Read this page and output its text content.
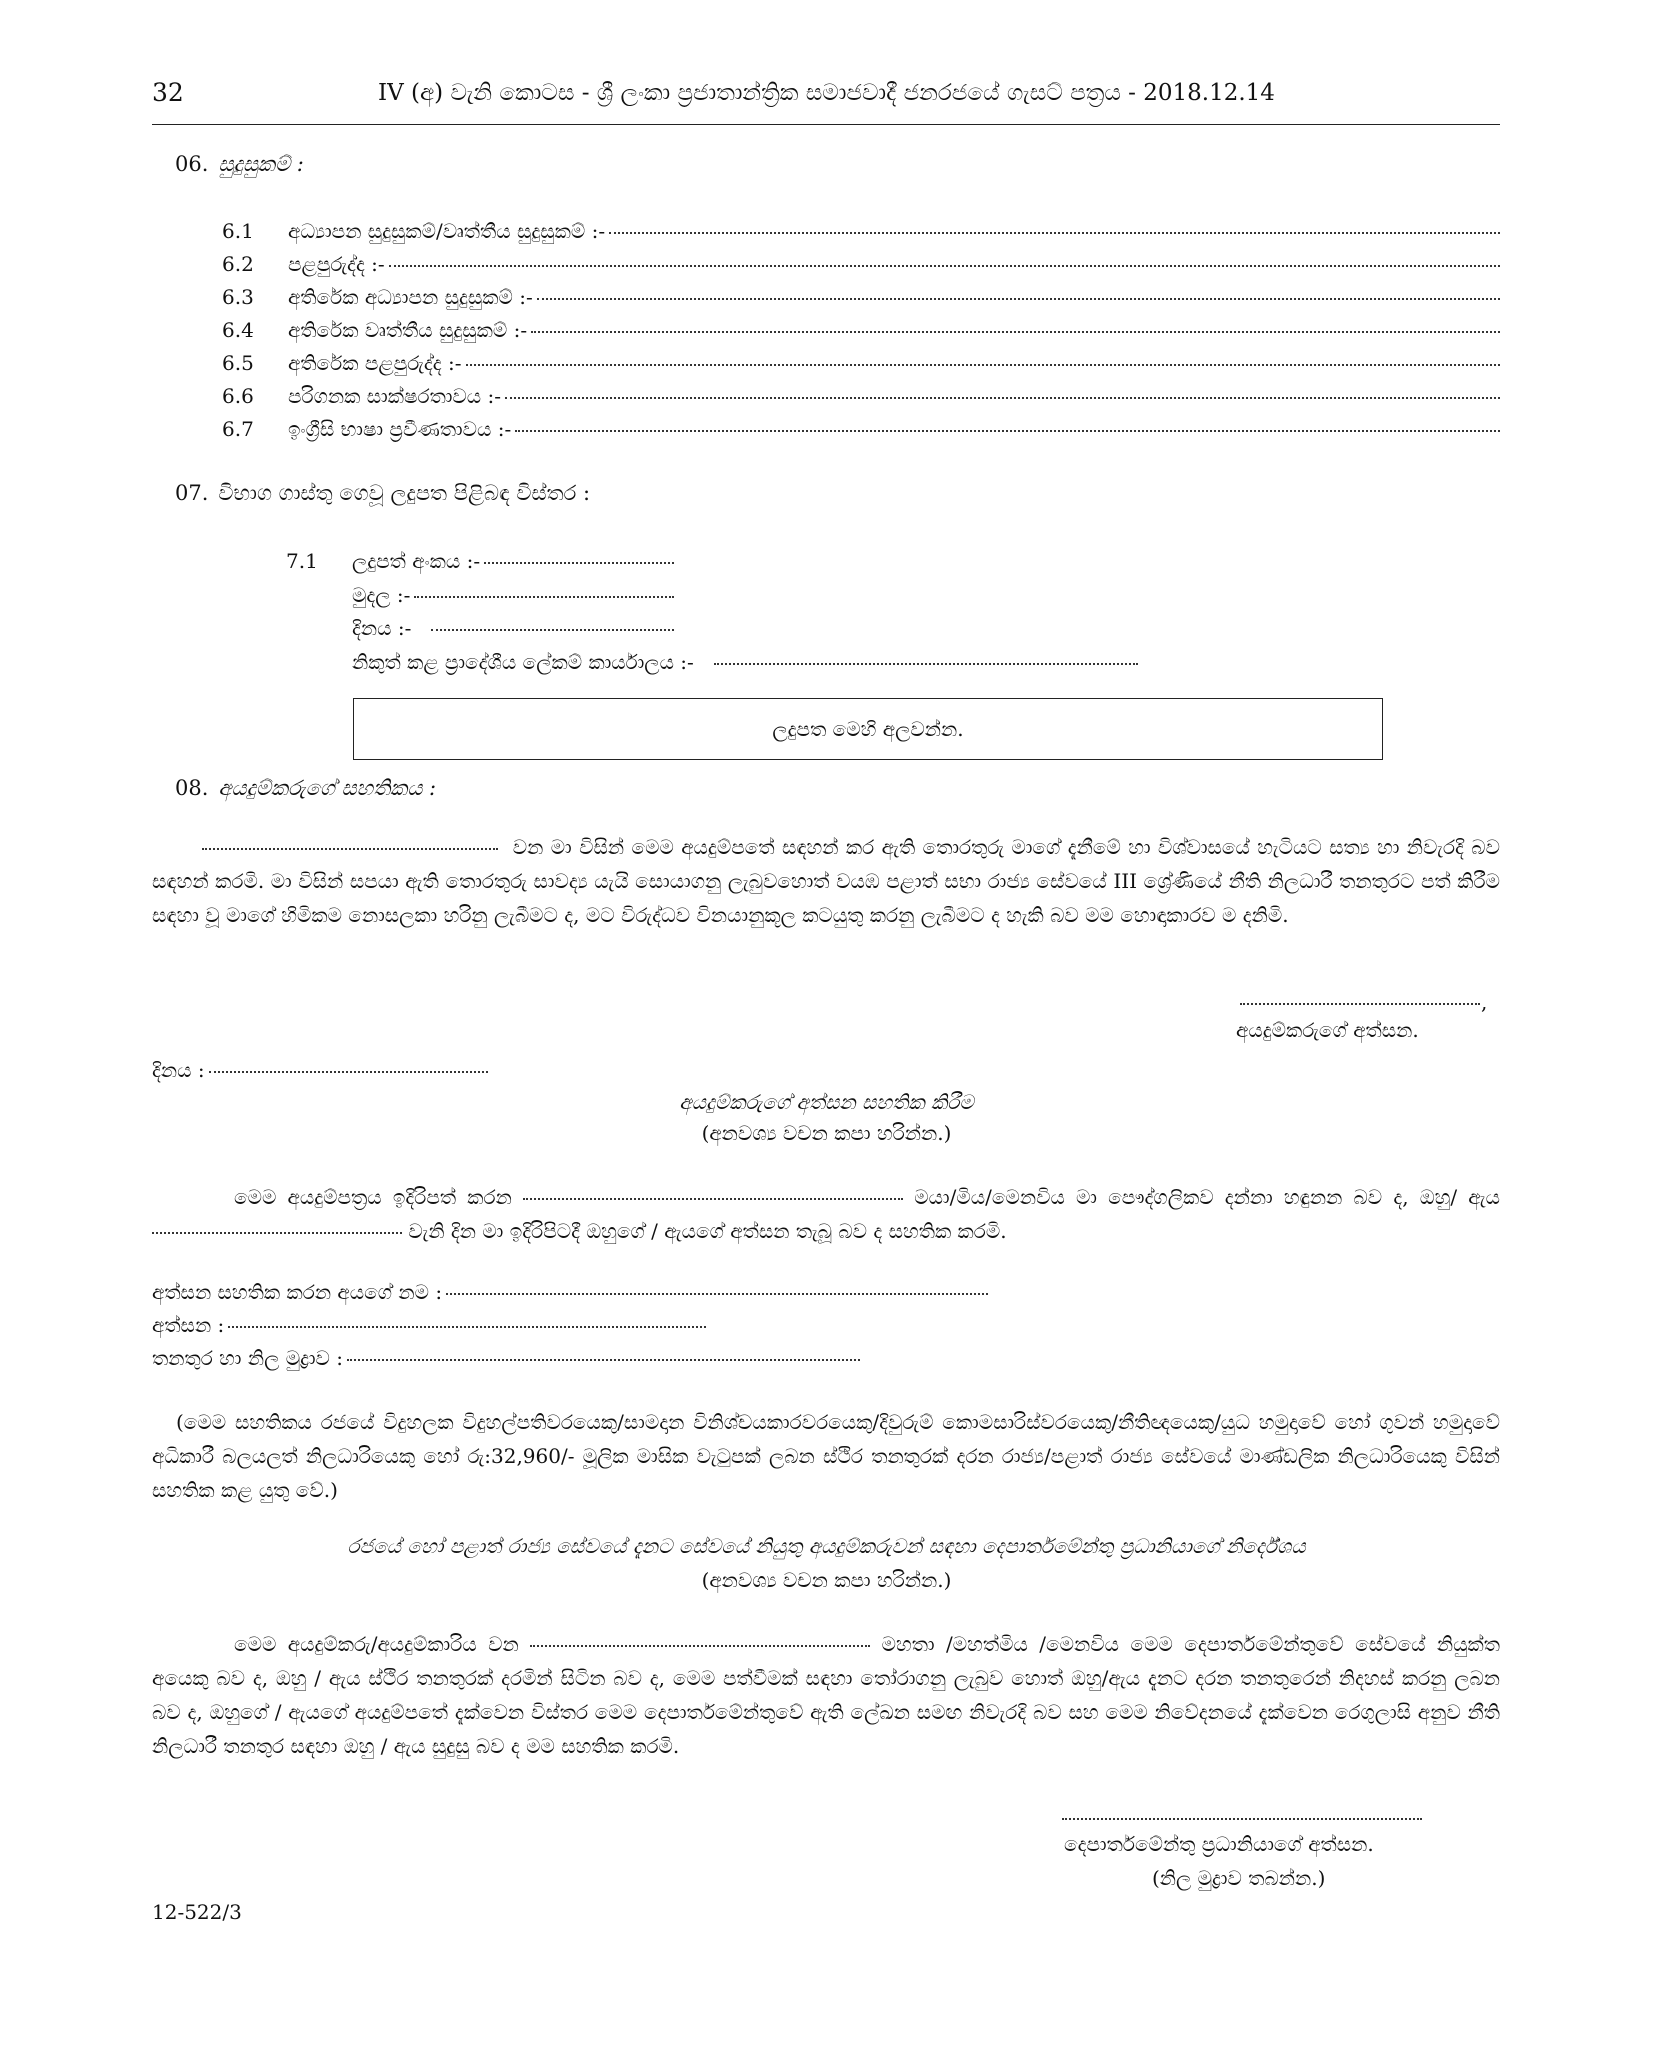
32	IV (අ) වැනි කොටස - ශ්‍රී ලංකා ප්‍රජාතාන්ත්‍රික සමාජවාදී ජනරජයේ ගැසට් පත්‍රය - 2018.12.14
06. සුදුසුකම් :
6.1	අධ්‍යාපන සුදුසුකම්/වෘත්තීය සුදුසුකම් :-
6.2	පළපුරුද්ද :-
6.3	අතිරේක අධ්‍යාපන සුදුසුකම් :-
6.4	අතිරේක වෘත්තීය සුදුසුකම් :-
6.5	අතිරේක පළපුරුද්ද :-
6.6	පරිගනක සාක්ෂරතාවය :-
6.7	ඉංග්‍රීසි භාෂා ප්‍රවීණතාවය :-
07. විභාග ගාස්තු ගෙවූ ලදුපත පිළිබඳ විස්තර :
7.1 ලදුපත් අංකය :-
මුදල :-
දිනය :-
නිකුත් කළ ප්‍රාදේශීය ලේකම් කාර්යාලය :-
ලදුපත මෙහි අලවන්න.
08. අයදුම්කරුගේ සහතිකය :
වන මා විසින් මෙම අයදුම්පතේ සඳහන් කර ඇති තොරතුරු මාගේ දැනීමේ හා විශ්වාසයේ හැටියට සත්‍ය හා නිවැරදි බව සඳහන් කරමි. මා විසින් සපයා ඇති තොරතුරු සාවද්‍ය යැයි සොයාගනු ලැබුවහොත් වයඹ පළාත් සභා රාජ්‍ය සේවයේ III ශ්‍රේණියේ නීති නිලධාරී තනතුරට පත් කිරීම සඳහා වූ මාගේ හිමිකම නොසලකා හරිනු ලැබීමට ද, මට විරුද්ධව විනයානුකූල කටයුතු කරනු ලැබීමට ද හැකි බව මම හොඳාකාරව ම දනිමි.
,
අයදුම්කරුගේ අත්සන.
දිනය :
අයදුම්කරුගේ අත්සන සහතික කිරීම
(අනවශ්‍ය වචන කපා හරින්න.)
මෙම අයදුම්පත්‍රය ඉදිරිපත් කරන	මයා/මිය/මෙනවිය මා පෞද්ගලිකව දන්නා හඳුනන බව ද, ඔහු/ ඇය  වැනි දින මා ඉදිරිපිටදී ඔහුගේ / ඇයගේ අත්සන තැබූ බව ද සහතික කරමි.
අත්සන සහතික කරන අයගේ නම :
අත්සන :
තනතුර හා නිල මුද්‍රාව :
(මෙම සහතිකය රජයේ විදුහලක විදුහල්පතිවරයෙකු/සාමදාන විනිශ්චයකාරවරයෙකු/දිවුරුම් කොමසාරිස්වරයෙකු/නීතිඥයෙකු/යුධ හමුදාවේ හෝ ගුවන් හමුදාවේ අධිකාරී බලයලත් නිලධාරියෙකු හෝ රු:32,960/- මූලික මාසික වැටුපක් ලබන ස්ථිර තනතුරක් දරන රාජ්‍ය/පළාත් රාජ්‍ය සේවයේ මාණ්ඩලික නිලධාරියෙකු විසින් සහතික කළ යුතු වේ.)
රජයේ හෝ පළාත් රාජ්‍ය සේවයේ දැනට සේවයේ නියුතු අයදුම්කරුවන් සඳහා දෙපාර්තමේන්තු ප්‍රධානියාගේ නිර්දේශය
(අනවශ්‍ය වචන කපා හරින්න.)
මෙම අයදුම්කරු/අයදුම්කාරිය වන	මහතා /මහත්මිය /මෙනවිය මෙම දෙපාර්තමේන්තුවේ සේවයේ නියුක්ත අයෙකු බව ද, ඔහු / ඇය ස්ථිර තනතුරක් දරමින් සිටින බව ද, මෙම පත්වීමක් සඳහා තෝරාගනු ලැබුව හොත් ඔහු/ඇය දැනට දරන තනතුරෙන් නිදහස් කරනු ලබන බව ද, ඔහුගේ / ඇයගේ අයදුම්පතේ දැක්වෙන විස්තර මෙම දෙපාර්තමේන්තුවේ ඇති ලේඛන සමඟ නිවැරදි බව සහ මෙම නිවේදනයේ දැක්වෙන රෙගුලාසි අනුව නීති නිලධාරී තනතුර සඳහා ඔහු / ඇය සුදුසු බව ද මම සහතික කරමි.
දෙපාර්තමේන්තු ප්‍රධානියාගේ අත්සන.
(නිල මුද්‍රාව තබන්න.)
12-522/3
